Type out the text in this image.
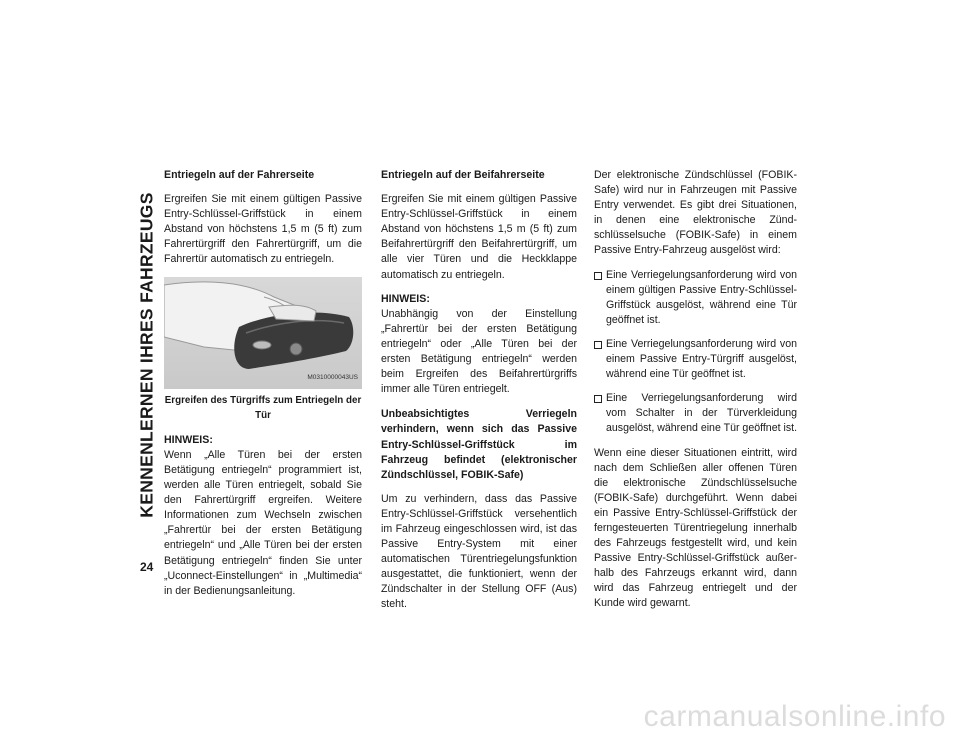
KENNENLERNEN IHRES FAHRZEUGS
24
Entriegeln auf der Fahrerseite

Ergreifen Sie mit einem gültigen Passive Entry-Schlüssel-Griffstück in einem Abstand von höchstens 1,5 m (5 ft) zum Fahrertürgriff den Fahrertürgriff, um die Fahrertür automatisch zu entriegeln.

M0310000043US
Ergreifen des Türgriffs zum Entriegeln der Tür
HINWEIS:

Wenn „Alle Türen bei der ersten Betätigung entriegeln“ programmiert ist, werden alle Türen entriegelt, sobald Sie den Fahrertürgriff ergreifen. Weitere Informationen zum Wechseln zwischen „Fahrertür bei der ersten Betätigung entriegeln“ und „Alle Türen bei der ersten Betätigung entriegeln“ finden Sie unter „Uconnect-Einstellungen“ in „Multimedia“ in der Bedienungsanleitung.

Entriegeln auf der Beifahrerseite

Ergreifen Sie mit einem gültigen Passive Entry-Schlüssel-Griffstück in einem Abstand von höchstens 1,5 m (5 ft) zum Beifahrertürgriff den Beifahrertürgriff, um alle vier Türen und die Heckklappe automatisch zu entriegeln.

HINWEIS:

Unabhängig von der Einstellung „Fahrertür bei der ersten Betätigung entriegeln“ oder „Alle Türen bei der ersten Betätigung entriegeln“ werden beim Ergreifen des Beifahrertürgriffs immer alle Türen entriegelt.

Unbeabsichtigtes Verriegeln verhindern, wenn sich das Passive Entry-Schlüssel-Griffstück im Fahrzeug befindet (elektronischer Zündschlüssel, FOBIK-Safe)

Um zu verhindern, dass das Passive Entry-Schlüssel-Griffstück versehentlich im Fahrzeug eingeschlossen wird, ist das Passive Entry-System mit einer automatischen Türentriegelungsfunktion ausgestattet, die funktioniert, wenn der Zündschalter in der Stellung OFF (Aus) steht.

Der elektronische Zündschlüssel (FOBIK-Safe) wird nur in Fahrzeugen mit Passive Entry verwendet. Es gibt drei Situationen, in denen eine elektronische Zündschlüsselsuche (FOBIK-Safe) in einem Passive Entry-Fahrzeug ausgelöst wird:

Eine Verriegelungsanforderung wird von einem gültigen Passive Entry-Schlüssel-Griffstück ausgelöst, während eine Tür geöffnet ist.
Eine Verriegelungsanforderung wird von einem Passive Entry-Türgriff ausgelöst, während eine Tür geöffnet ist.
Eine Verriegelungsanforderung wird vom Schalter in der Türverkleidung ausgelöst, während eine Tür geöffnet ist.

Wenn eine dieser Situationen eintritt, wird nach dem Schließen aller offenen Türen die elektronische Zündschlüsselsuche (FOBIK-Safe) durchgeführt. Wenn dabei ein Passive Entry-Schlüssel-Griffstück der ferngesteuerten Türentriegelung innerhalb des Fahrzeugs festgestellt wird, und kein Passive Entry-Schlüssel-Griffstück außerhalb des Fahrzeugs erkannt wird, dann wird das Fahrzeug entriegelt und der Kunde wird gewarnt.

carmanualsonline.info
